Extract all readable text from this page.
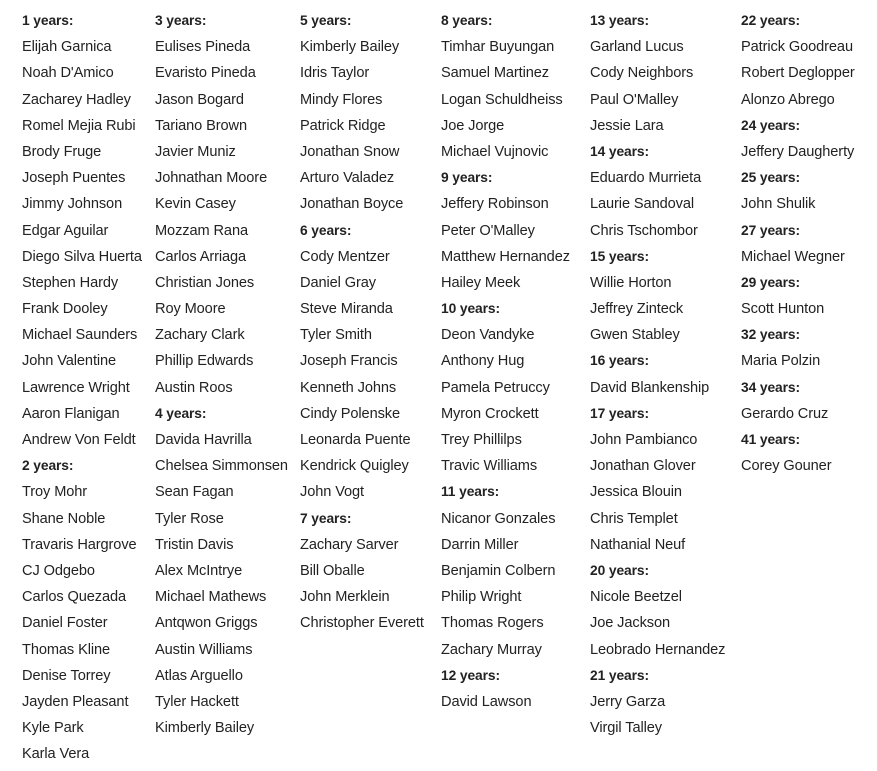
1 years:
Elijah Garnica
Noah D'Amico
Zacharey Hadley
Romel Mejia Rubi
Brody Fruge
Joseph Puentes
Jimmy Johnson
Edgar Aguilar
Diego Silva Huerta
Stephen Hardy
Frank Dooley
Michael Saunders
John Valentine
Lawrence Wright
Aaron Flanigan
Andrew Von Feldt
2 years:
Troy Mohr
Shane Noble
Travaris Hargrove
CJ Odgebo
Carlos Quezada
Daniel Foster
Thomas Kline
Denise Torrey
Jayden Pleasant
Kyle Park
Karla Vera
3 years:
Eulises Pineda
Evaristo Pineda
Jason Bogard
Tariano Brown
Javier Muniz
Johnathan Moore
Kevin Casey
Mozzam Rana
Carlos Arriaga
Christian Jones
Roy Moore
Zachary Clark
Phillip Edwards
Austin Roos
4 years:
Davida Havrilla
Chelsea Simmonsen
Sean Fagan
Tyler Rose
Tristin Davis
Alex McIntrye
Michael Mathews
Antqwon Griggs
Austin Williams
Atlas Arguello
Tyler Hackett
Kimberly Bailey
5 years:
Kimberly Bailey
Idris Taylor
Mindy Flores
Patrick Ridge
Jonathan Snow
Arturo Valadez
Jonathan Boyce
6 years:
Cody Mentzer
Daniel Gray
Steve Miranda
Tyler Smith
Joseph Francis
Kenneth Johns
Cindy Polenske
Leonarda Puente
Kendrick Quigley
John Vogt
7 years:
Zachary Sarver
Bill Oballe
John Merklein
Christopher Everett
8 years:
Timhar Buyungan
Samuel Martinez
Logan Schuldheiss
Joe Jorge
Michael Vujnovic
9 years:
Jeffery Robinson
Peter O'Malley
Matthew Hernandez
Hailey Meek
10 years:
Deon Vandyke
Anthony Hug
Pamela Petruccy
Myron Crockett
Trey Phillilps
Travic Williams
11 years:
Nicanor Gonzales
Darrin Miller
Benjamin Colbern
Philip Wright
Thomas Rogers
Zachary Murray
12 years:
David Lawson
13 years:
Garland Lucus
Cody Neighbors
Paul O'Malley
Jessie Lara
14 years:
Eduardo Murrieta
Laurie Sandoval
Chris Tschombor
15 years:
Willie Horton
Jeffrey Zinteck
Gwen Stabley
16 years:
David Blankenship
17 years:
John Pambianco
Jonathan Glover
Jessica Blouin
Chris Templet
Nathanial Neuf
20 years:
Nicole Beetzel
Joe Jackson
Leobrado Hernandez
21 years:
Jerry Garza
Virgil Talley
22 years:
Patrick Goodreau
Robert Deglopper
Alonzo Abrego
24 years:
Jeffery Daugherty
25 years:
John Shulik
27 years:
Michael Wegner
29 years:
Scott Hunton
32 years:
Maria Polzin
34 years:
Gerardo Cruz
41 years:
Corey Gouner
